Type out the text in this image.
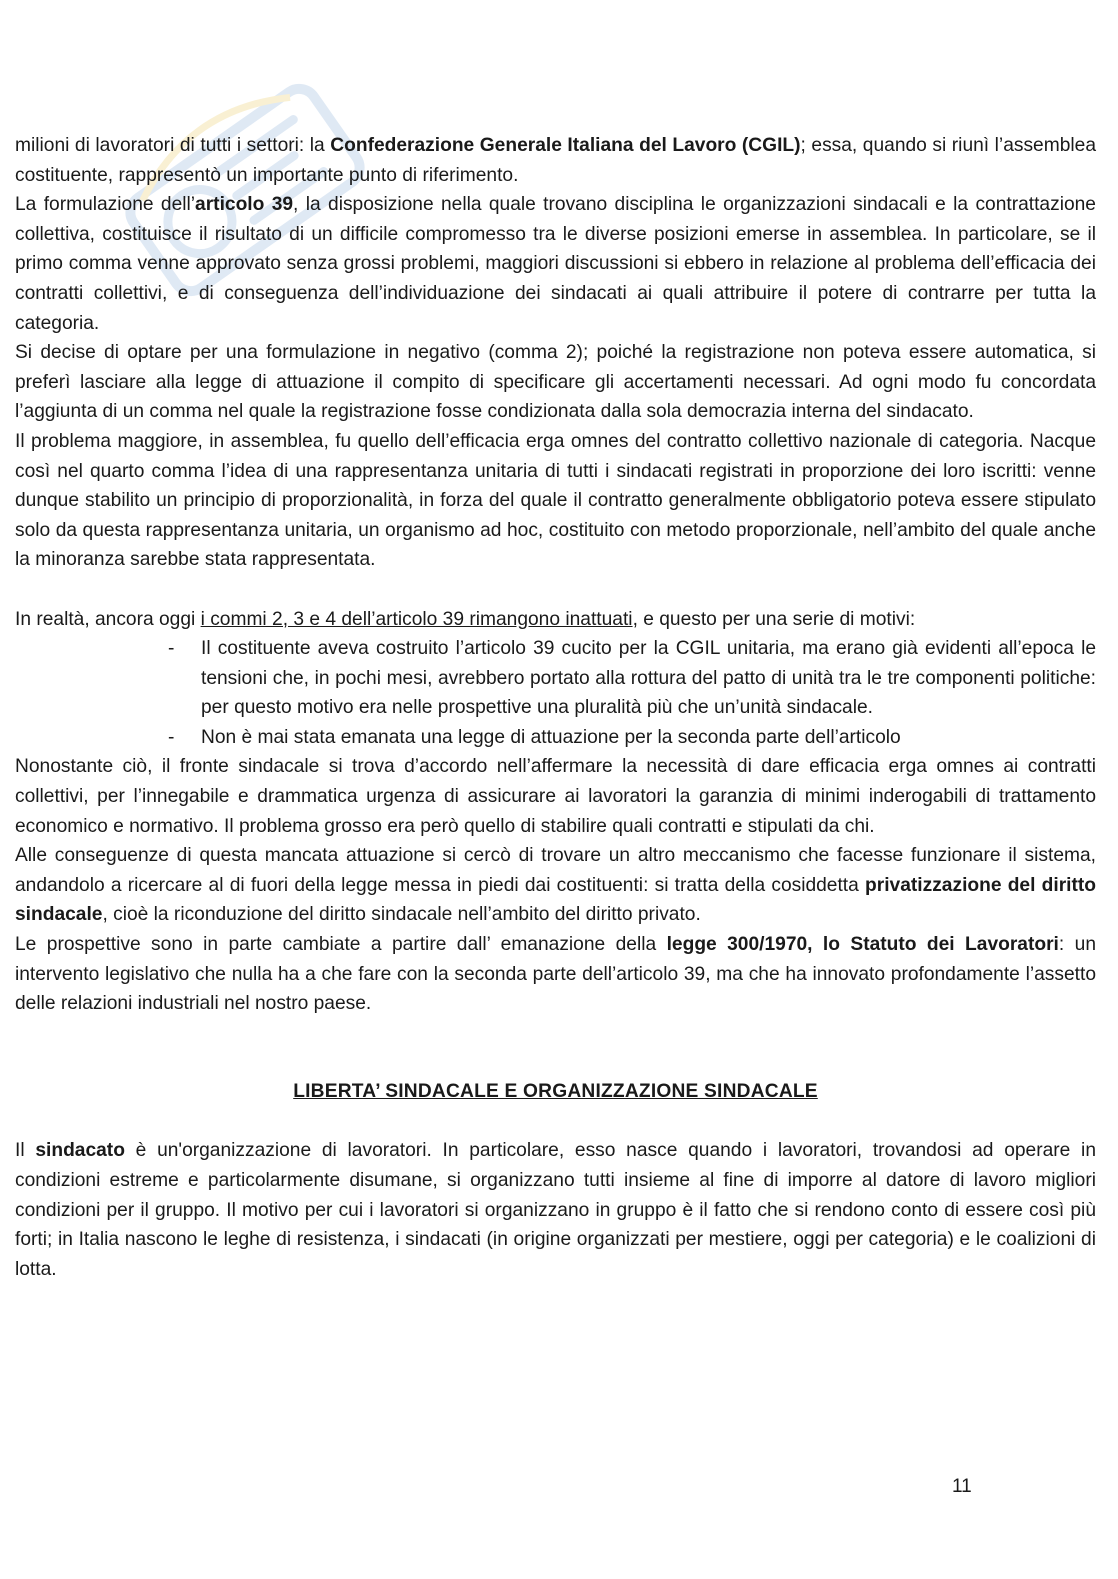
milioni di lavoratori di tutti i settori: la Confederazione Generale Italiana del Lavoro (CGIL); essa, quando si riunì l’assemblea costituente, rappresentò un importante punto di riferimento.

La formulazione dell’articolo 39, la disposizione nella quale trovano disciplina le organizzazioni sindacali e la contrattazione collettiva, costituisce il risultato di un difficile compromesso tra le diverse posizioni emerse in assemblea. In particolare, se il primo comma venne approvato senza grossi problemi, maggiori discussioni si ebbero in relazione al problema dell’efficacia dei contratti collettivi, e di conseguenza dell’individuazione dei sindacati ai quali attribuire il potere di contrarre per tutta la categoria.

Si decise di optare per una formulazione in negativo (comma 2); poiché la registrazione non poteva essere automatica, si preferì lasciare alla legge di attuazione il compito di specificare gli accertamenti necessari. Ad ogni modo fu concordata l’aggiunta di un comma nel quale la registrazione fosse condizionata dalla sola democrazia interna del sindacato.

Il problema maggiore, in assemblea, fu quello dell’efficacia erga omnes del contratto collettivo nazionale di categoria. Nacque così nel quarto comma l’idea di una rappresentanza unitaria di tutti i sindacati registrati in proporzione dei loro iscritti: venne dunque stabilito un principio di proporzionalità, in forza del quale il contratto generalmente obbligatorio poteva essere stipulato solo da questa rappresentanza unitaria, un organismo ad hoc, costituito con metodo proporzionale, nell’ambito del quale anche la minoranza sarebbe stata rappresentata.

In realtà, ancora oggi i commi 2, 3 e 4 dell’articolo 39 rimangono inattuati, e questo per una serie di motivi:

- Il costituente aveva costruito l’articolo 39 cucito per la CGIL unitaria, ma erano già evidenti all’epoca le tensioni che, in pochi mesi, avrebbero portato alla rottura del patto di unità tra le tre componenti politiche: per questo motivo era nelle prospettive una pluralità più che un’unità sindacale.
- Non è mai stata emanata una legge di attuazione per la seconda parte dell’articolo

Nonostante ciò, il fronte sindacale si trova d’accordo nell’affermare la necessità di dare efficacia erga omnes ai contratti collettivi, per l’innegabile e drammatica urgenza di assicurare ai lavoratori la garanzia di minimi inderogabili di trattamento economico e normativo. Il problema grosso era però quello di stabilire quali contratti e stipulati da chi.

Alle conseguenze di questa mancata attuazione si cercò di trovare un altro meccanismo che facesse funzionare il sistema, andandolo a ricercare al di fuori della legge messa in piedi dai costituenti: si tratta della cosiddetta privatizzazione del diritto sindacale, cioè la riconduzione del diritto sindacale nell’ambito del diritto privato.

Le prospettive sono in parte cambiate a partire dall’ emanazione della legge 300/1970, lo Statuto dei Lavoratori: un intervento legislativo che nulla ha a che fare con la seconda parte dell’articolo 39, ma che ha innovato profondamente l’assetto delle relazioni industriali nel nostro paese.

LIBERTA’ SINDACALE E ORGANIZZAZIONE SINDACALE

Il sindacato è un'organizzazione di lavoratori. In particolare, esso nasce quando i lavoratori, trovandosi ad operare in condizioni estreme e particolarmente disumane, si organizzano tutti insieme al fine di imporre al datore di lavoro migliori condizioni per il gruppo. Il motivo per cui i lavoratori si organizzano in gruppo è il fatto che si rendono conto di essere così più forti; in Italia nascono le leghe di resistenza, i sindacati (in origine organizzati per mestiere, oggi per categoria) e le coalizioni di lotta.

11
